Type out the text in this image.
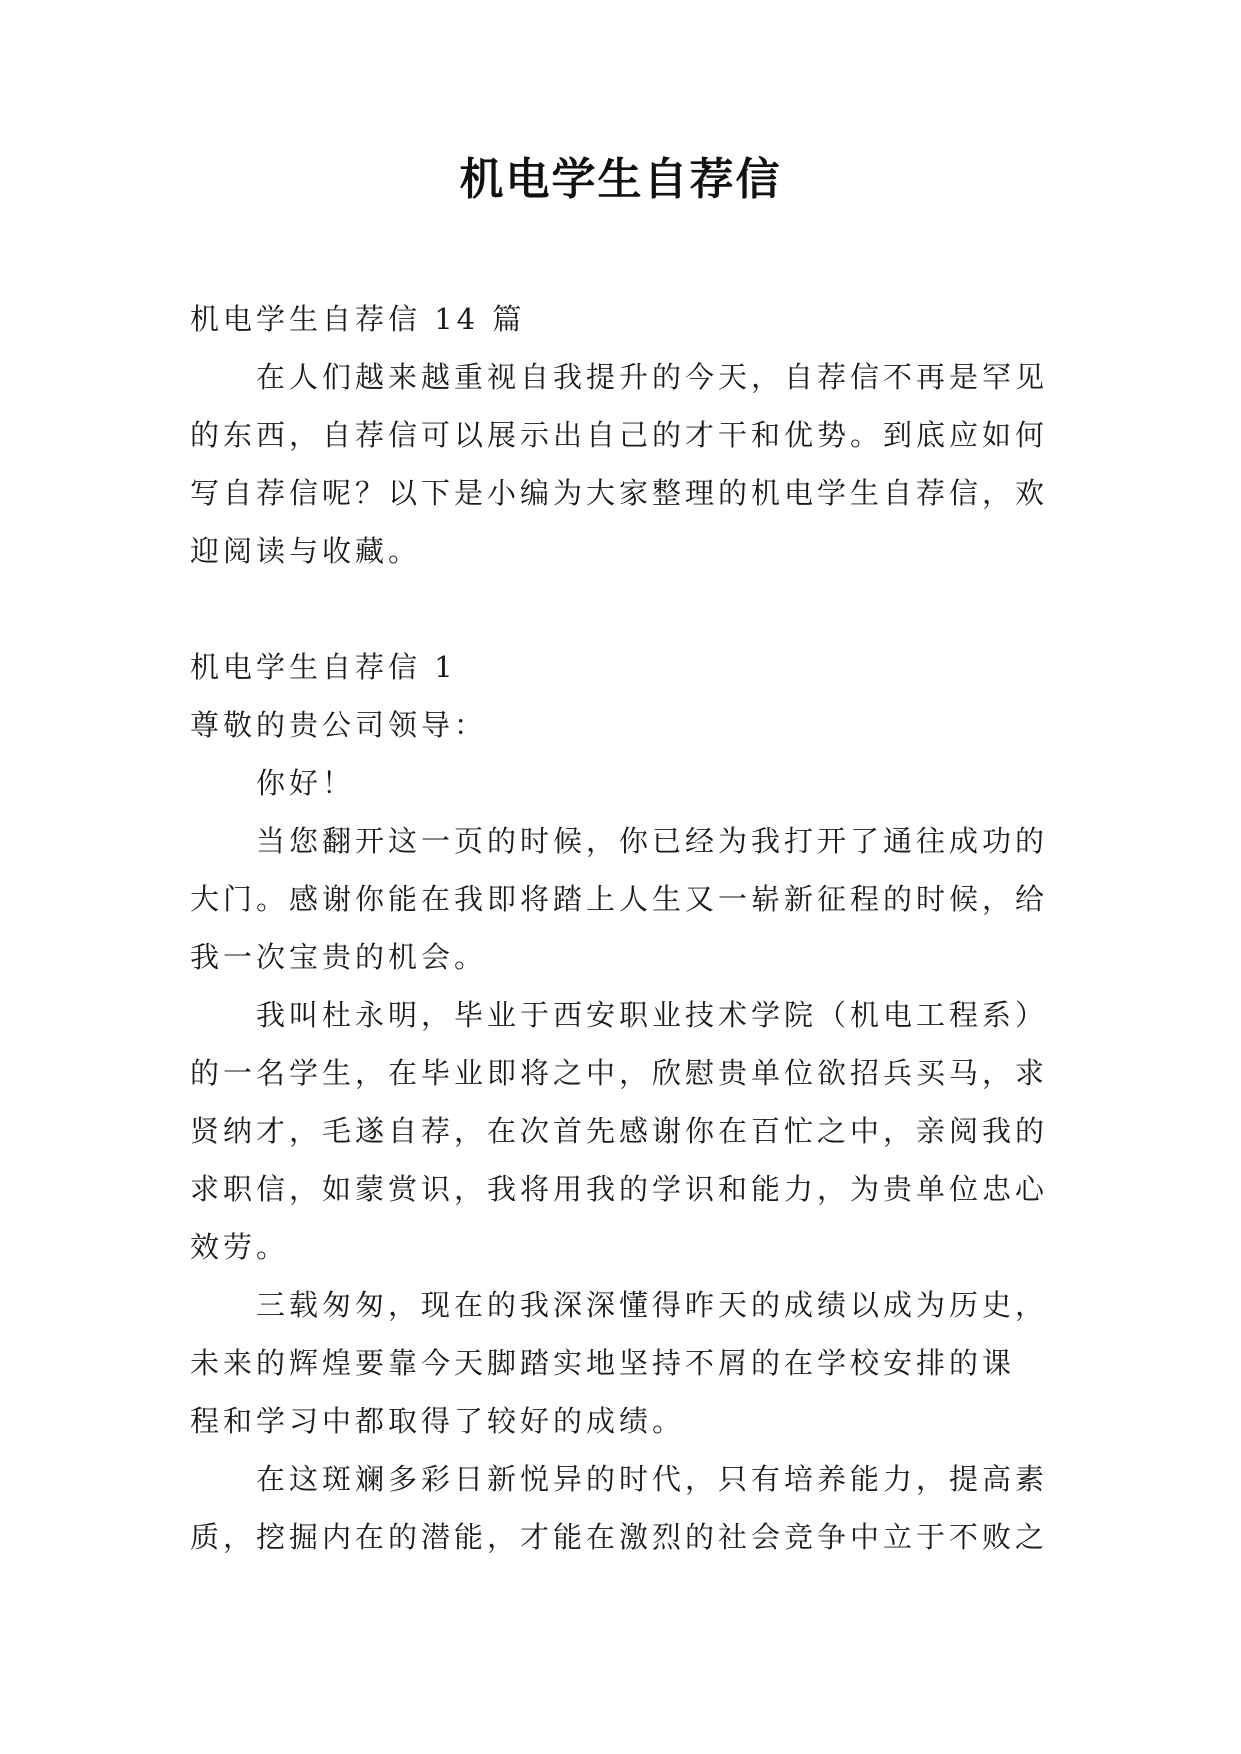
机电学生自荐信

机电学生自荐信 14 篇

在人们越来越重视自我提升的今天，自荐信不再是罕见

的东西，自荐信可以展示出自己的才干和优势。到底应如何

写自荐信呢？以下是小编为大家整理的机电学生自荐信，欢

迎阅读与收藏。

机电学生自荐信 1

尊敬的贵公司领导：

你好！

当您翻开这一页的时候，你已经为我打开了通往成功的

大门。感谢你能在我即将踏上人生又一崭新征程的时候，给

我一次宝贵的机会。

我叫杜永明，毕业于西安职业技术学院（机电工程系）

的一名学生，在毕业即将之中，欣慰贵单位欲招兵买马，求

贤纳才，毛遂自荐，在次首先感谢你在百忙之中，亲阅我的

求职信，如蒙赏识，我将用我的学识和能力，为贵单位忠心

效劳。

三载匆匆，现在的我深深懂得昨天的成绩以成为历史，

未来的辉煌要靠今天脚踏实地坚持不屑的在学校安排的课

程和学习中都取得了较好的成绩。

在这斑斓多彩日新悦异的时代，只有培养能力，提高素

质，挖掘内在的潜能，才能在激烈的社会竞争中立于不败之
